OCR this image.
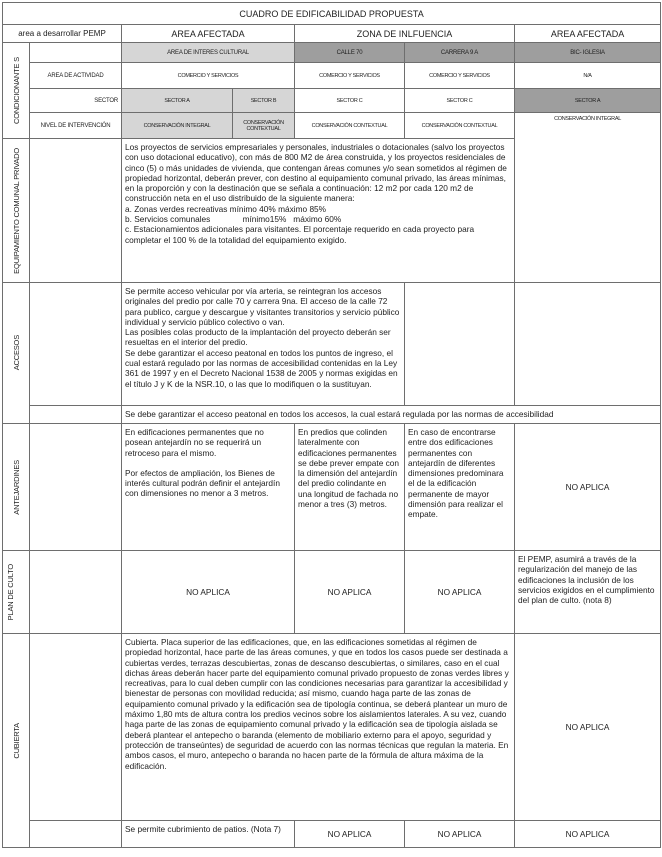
CUADRO DE EDIFICABILIDAD PROPUESTA						
area a desarrollar PEMP		AREA AFECTADA		ZONA DE INLFUENCIA		AREA AFECTADA

CONDICIONANTE S		AREA DE INTERES CULTURAL		CALLE 70	CARRERA 9 A	BIC- IGLESIA
	AREA DE ACTIVIDAD	COMERCIO Y SERVICIOS		COMERCIO Y SERVICIOS	COMERCIO Y SERVICIOS	N/A
	SECTOR	SECTOR A	SECTOR B	SECTOR C	SECTOR C	SECTOR A
	NIVEL DE INTERVENCIÓN	CONSERVACIÓN INTEGRAL	CONSERVACIÓN CONTEXTUAL	CONSERVACIÓN CONTEXTUAL	CONSERVACIÓN CONTEXTUAL	CONSERVACIÓN INTEGRAL

EQUIPAMIENTO COMUNAL PRIVADO		Los proyectos de servicios empresariales y personales, industriales o dotacionales (salvo los proyectos con uso dotacional educativo), con más de 800 M2 de área construida, y los proyectos residenciales de cinco (5) o más unidades de vivienda, que contengan áreas comunes y/o sean sometidos al régimen de propiedad horizontal, deberán prever, con destino al equipamiento comunal privado, las áreas mínimas, en la proporción y con la destinación que se señala a continuación: 12 m2 por cada 120 m2 de construcción neta en el uso distribuido de la siguiente manera:
a. Zonas verdes recreativas mínimo 40% máximo 85%
b. Servicios comunales              mínimo15%   máximo 60%
c. Estacionamientos adicionales para visitantes. El porcentaje requerido en cada proyecto para completar el 100 % de la totalidad del equipamiento exigido.				

ACCESOS		Se permite acceso vehicular por vía arteria, se reintegran los accesos originales del predio por calle 70 y carrera 9na. El acceso de la calle 72 para publico, cargue y descargue y visitantes transitorios y servicio público individual y servicio público colectivo o van.
Las posibles colas producto de la implantación del proyecto deberán ser resueltas en el interior del predio.
Se debe garantizar el acceso peatonal en todos los puntos de ingreso, el cual estará regulado por las normas de accesibilidad contenidas en la Ley 361 de 1997 y en el Decreto Nacional 1538 de 2005 y normas exigidas en el título J y K de la NSR.10, o las que lo modifiquen o la sustituyan.				
		Se debe garantizar el acceso peatonal en todos los accesos, la cual estará regulada por las normas de accesibilidad				

ANTEJARDINES		En edificaciones permanentes que no posean antejardín no se requerirá un retroceso para el mismo.

Por efectos de ampliación, los Bienes de interés cultural podrán definir el antejardín con dimensiones no menor a 3 metros.		En predios que colinden lateralmente con edificaciones permanentes se debe prever empate con la dimensión del antejardín del predio colindante en una longitud de fachada no menor a tres (3) metros.	En caso de encontrarse entre dos edificaciones permanentes con antejardín de diferentes dimensiones predominara el de la edificación permanente de mayor dimensión para realizar el empate.	NO APLICA

PLAN DE CULTO		NO APLICA		NO APLICA	NO APLICA	El PEMP, asumirá a través de la regularización del manejo de las edificaciones la inclusión de los servicios exigidos en el cumplimiento del plan de culto. (nota 8)

CUBIERTA		Cubierta. Placa superior de las edificaciones, que, en las edificaciones sometidas al régimen de propiedad horizontal, hace parte de las áreas comunes, y que en todos los casos puede ser destinada a cubiertas verdes, terrazas descubiertas, zonas de descanso descubiertas, o similares, caso en el cual dichas áreas deberán hacer parte del equipamiento comunal privado propuesto de zonas verdes libres y recreativas, para lo cual deben cumplir con las condiciones necesarias para garantizar la accesibilidad y bienestar de personas con movilidad reducida; así mismo, cuando haga parte de las zonas de equipamiento comunal privado y la edificación sea de tipología continua, se deberá plantear un muro de máximo 1,80 mts de altura contra los predios vecinos sobre los aislamientos laterales. A su vez, cuando haga parte de las zonas de equipamiento comunal privado y la edificación sea de tipología aislada se deberá plantear el antepecho o baranda (elemento de mobiliario externo para el apoyo, seguridad y protección de transeúntes) de seguridad de acuerdo con las normas técnicas que regulan la materia. En ambos casos, el muro, antepecho o baranda no hacen parte de la fórmula de altura máxima de la edificación.				NO APLICA
		Se permite cubrimiento de patios. (Nota 7)		NO APLICA	NO APLICA	NO APLICA
